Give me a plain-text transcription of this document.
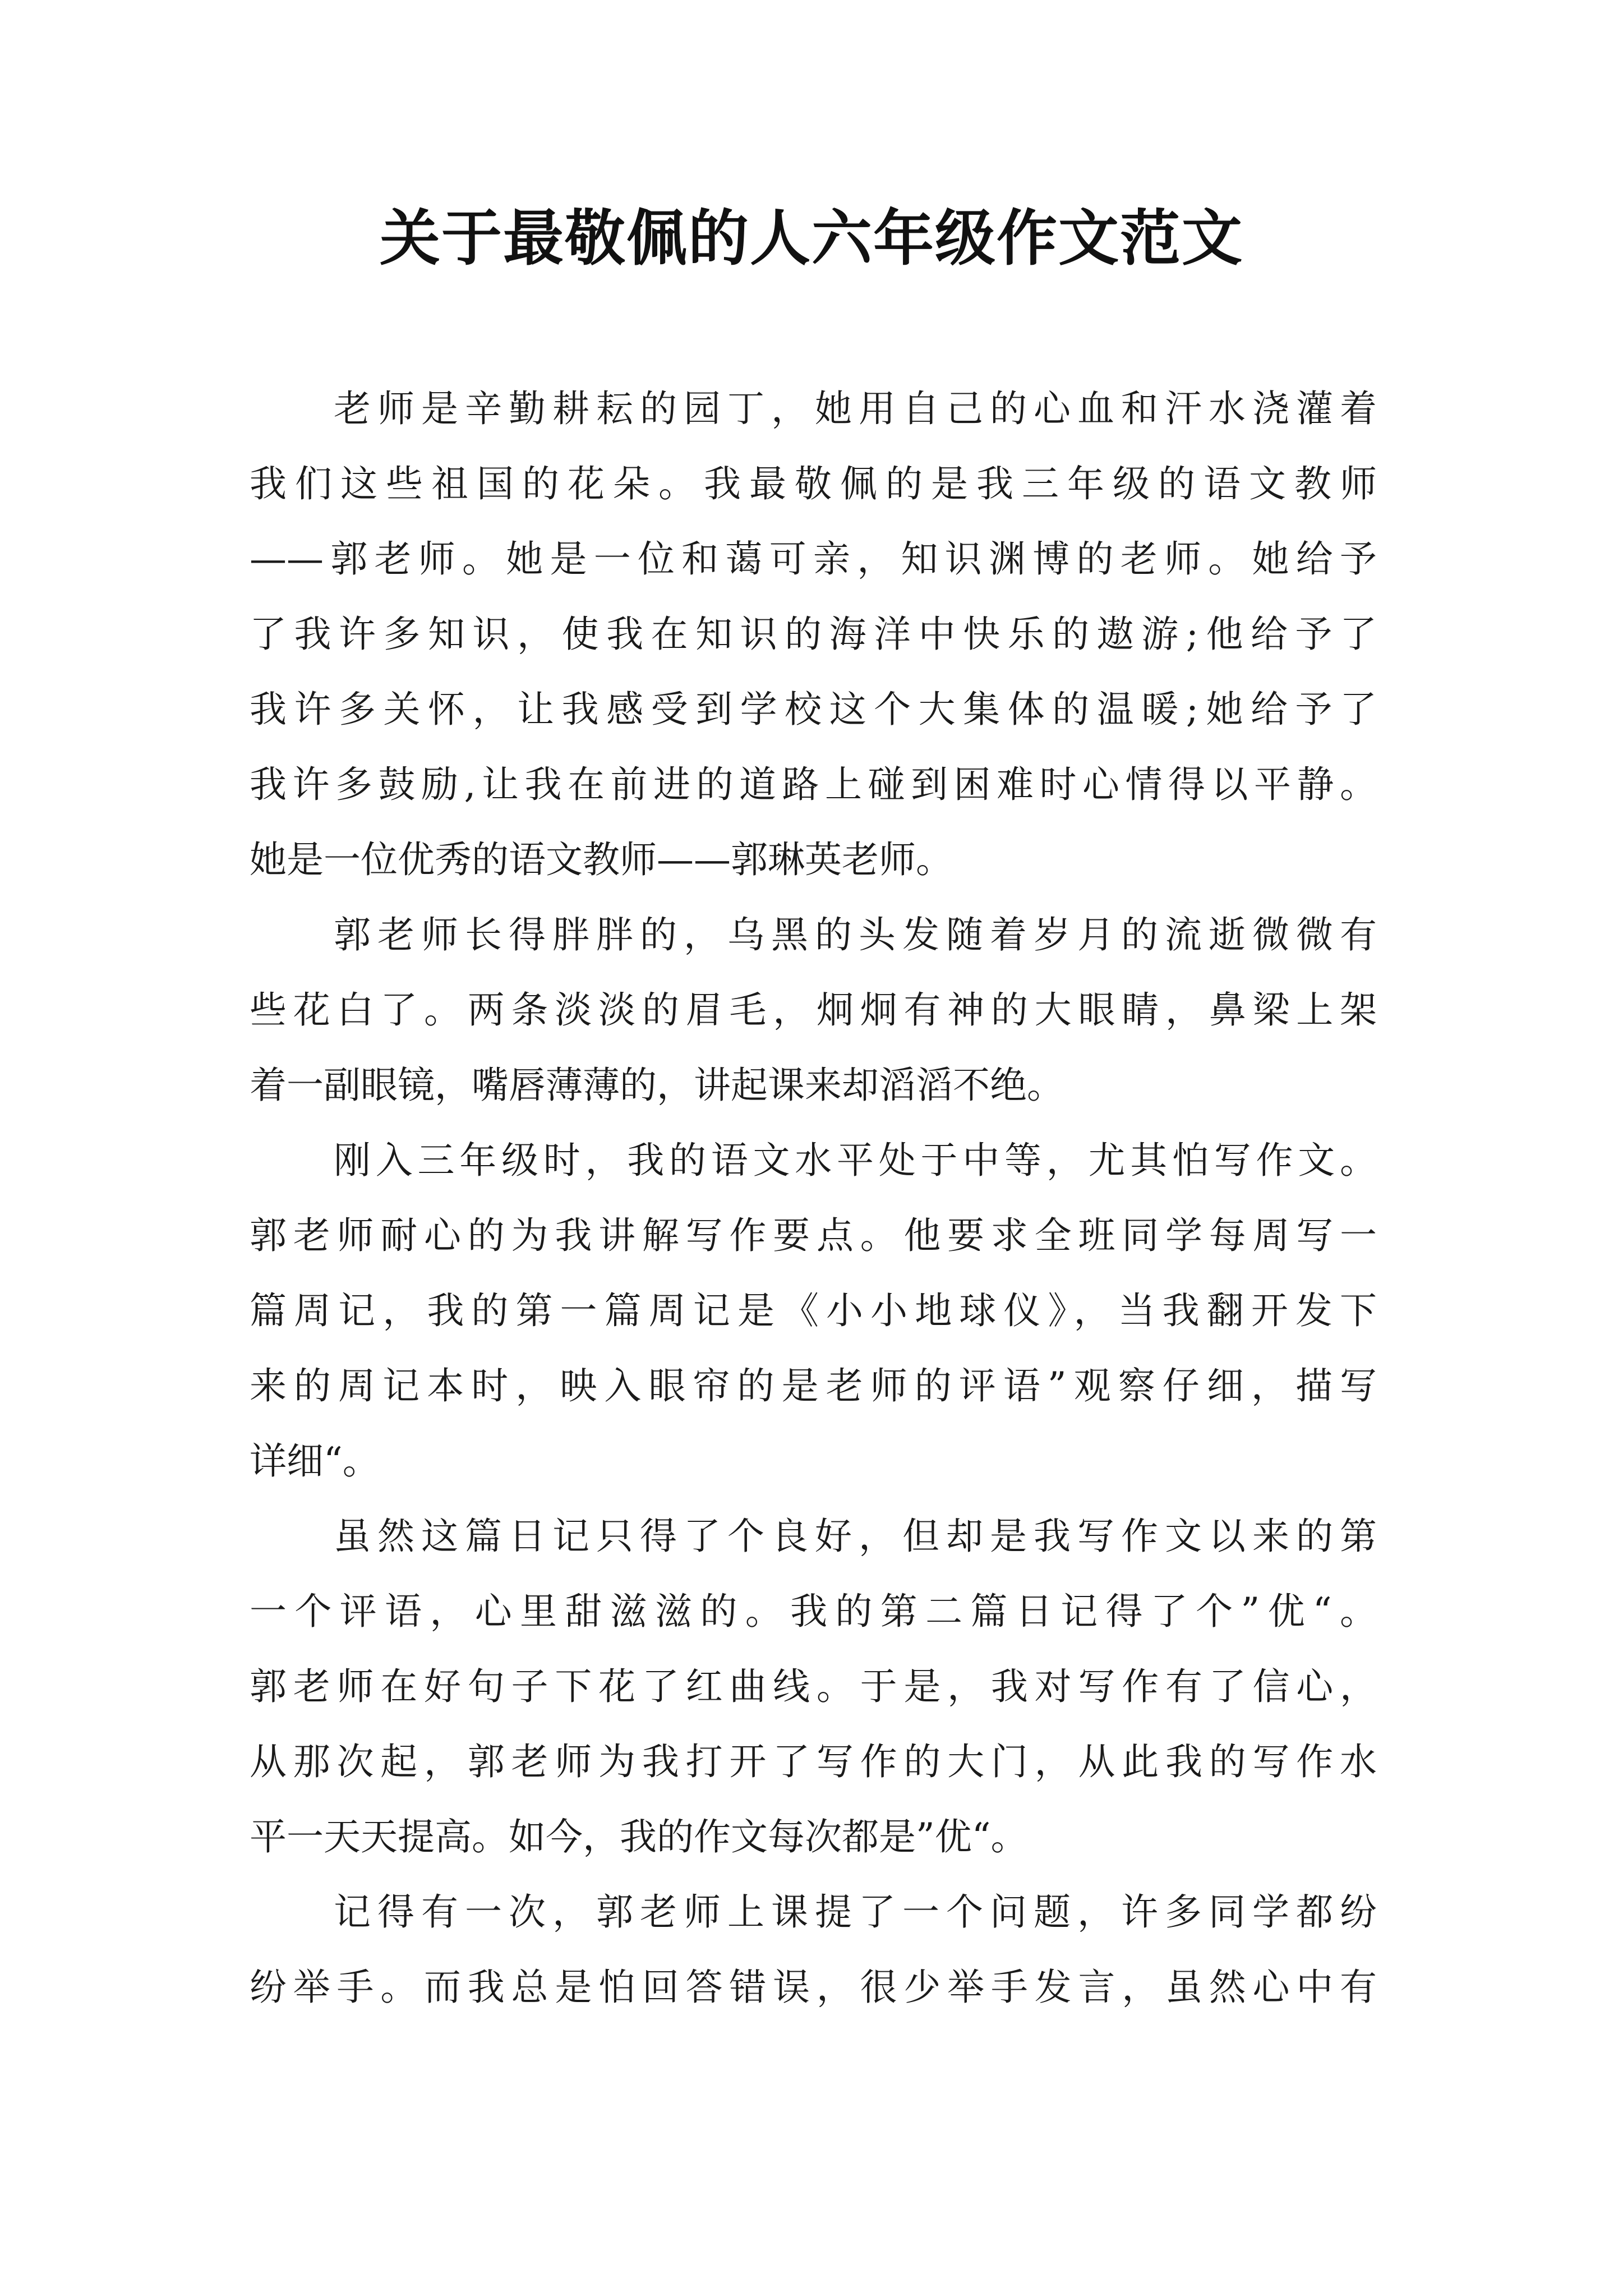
关于最敬佩的人六年级作文范文
老师是辛勤耕耘的园丁，她用自己的心血和汗水浇灌着
我们这些祖国的花朵。我最敬佩的是我三年级的语文教师
——郭老师。她是一位和蔼可亲，知识渊博的老师。她给予
了我许多知识，使我在知识的海洋中快乐的遨游;他给予了
我许多关怀，让我感受到学校这个大集体的温暖;她给予了
我许多鼓励,让我在前进的道路上碰到困难时心情得以平静。
她是一位优秀的语文教师——郭琳英老师。
郭老师长得胖胖的，乌黑的头发随着岁月的流逝微微有
些花白了。两条淡淡的眉毛，炯炯有神的大眼睛，鼻梁上架
着一副眼镜，嘴唇薄薄的，讲起课来却滔滔不绝。
刚入三年级时，我的语文水平处于中等，尤其怕写作文。
郭老师耐心的为我讲解写作要点。他要求全班同学每周写一
篇周记，我的第一篇周记是《小小地球仪》，当我翻开发下
来的周记本时，映入眼帘的是老师的评语”观察仔细，描写
详细“。
虽然这篇日记只得了个良好，但却是我写作文以来的第
一个评语，心里甜滋滋的。我的第二篇日记得了个”优“。
郭老师在好句子下花了红曲线。于是，我对写作有了信心，
从那次起，郭老师为我打开了写作的大门，从此我的写作水
平一天天提高。如今，我的作文每次都是”优“。
记得有一次，郭老师上课提了一个问题，许多同学都纷
纷举手。而我总是怕回答错误，很少举手发言，虽然心中有
